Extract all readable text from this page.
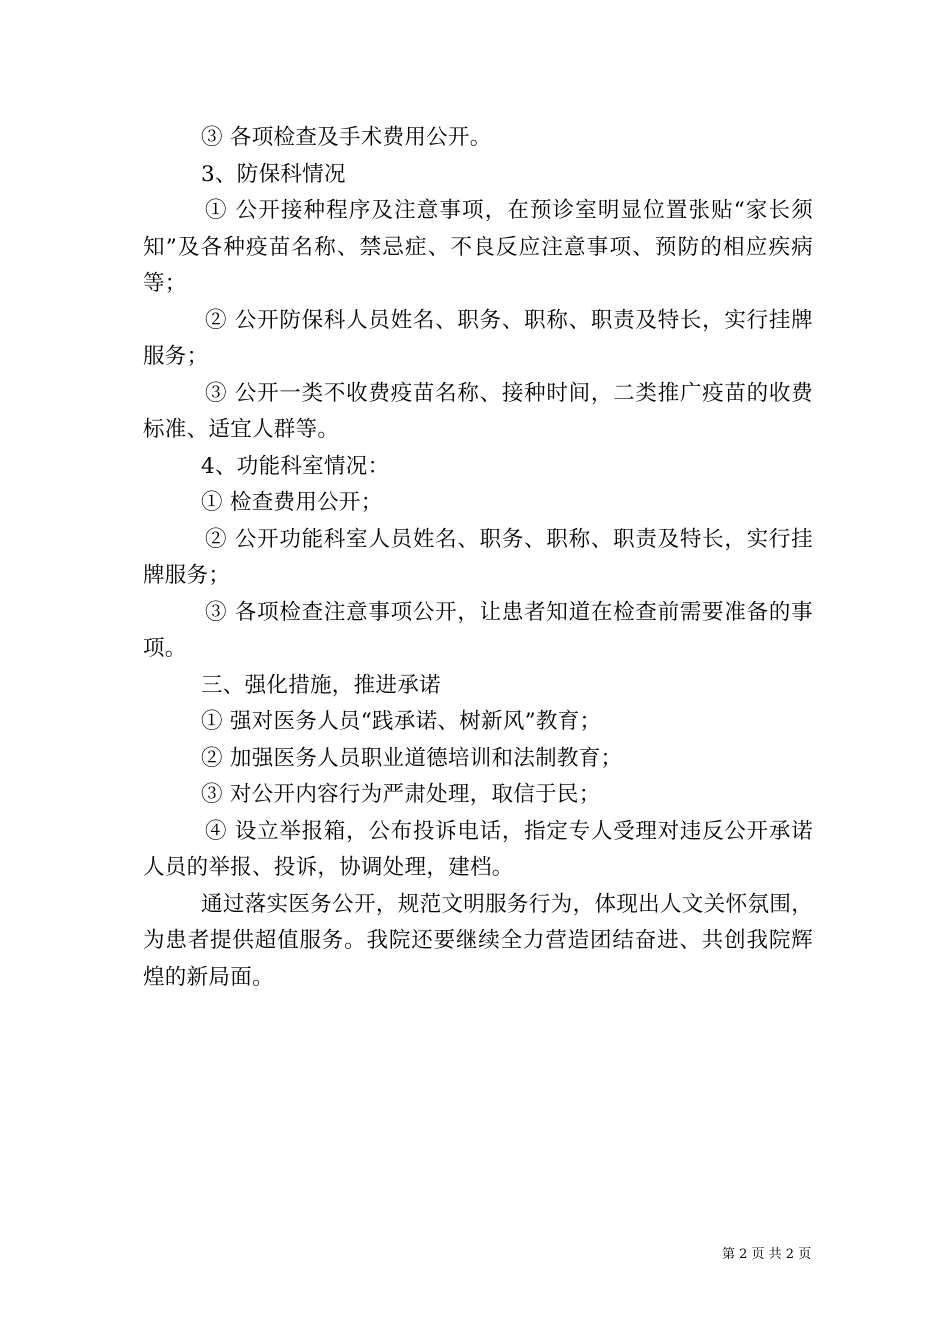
③ 各项检查及手术费用公开。

3、防保科情况

① 公开接种程序及注意事项，在预诊室明显位置张贴“家长须知”及各种疫苗名称、禁忌症、不良反应注意事项、预防的相应疾病等；

② 公开防保科人员姓名、职务、职称、职责及特长，实行挂牌服务；

③ 公开一类不收费疫苗名称、接种时间，二类推广疫苗的收费标准、适宜人群等。

4、功能科室情况：

① 检查费用公开；

② 公开功能科室人员姓名、职务、职称、职责及特长，实行挂牌服务；

③ 各项检查注意事项公开，让患者知道在检查前需要准备的事项。

三、强化措施，推进承诺

① 强对医务人员“践承诺、树新风”教育；

② 加强医务人员职业道德培训和法制教育；

③ 对公开内容行为严肃处理，取信于民；

④ 设立举报箱，公布投诉电话，指定专人受理对违反公开承诺人员的举报、投诉，协调处理，建档。

通过落实医务公开，规范文明服务行为，体现出人文关怀氛围，为患者提供超值服务。我院还要继续全力营造团结奋进、共创我院辉煌的新局面。

第 2 页 共 2 页
